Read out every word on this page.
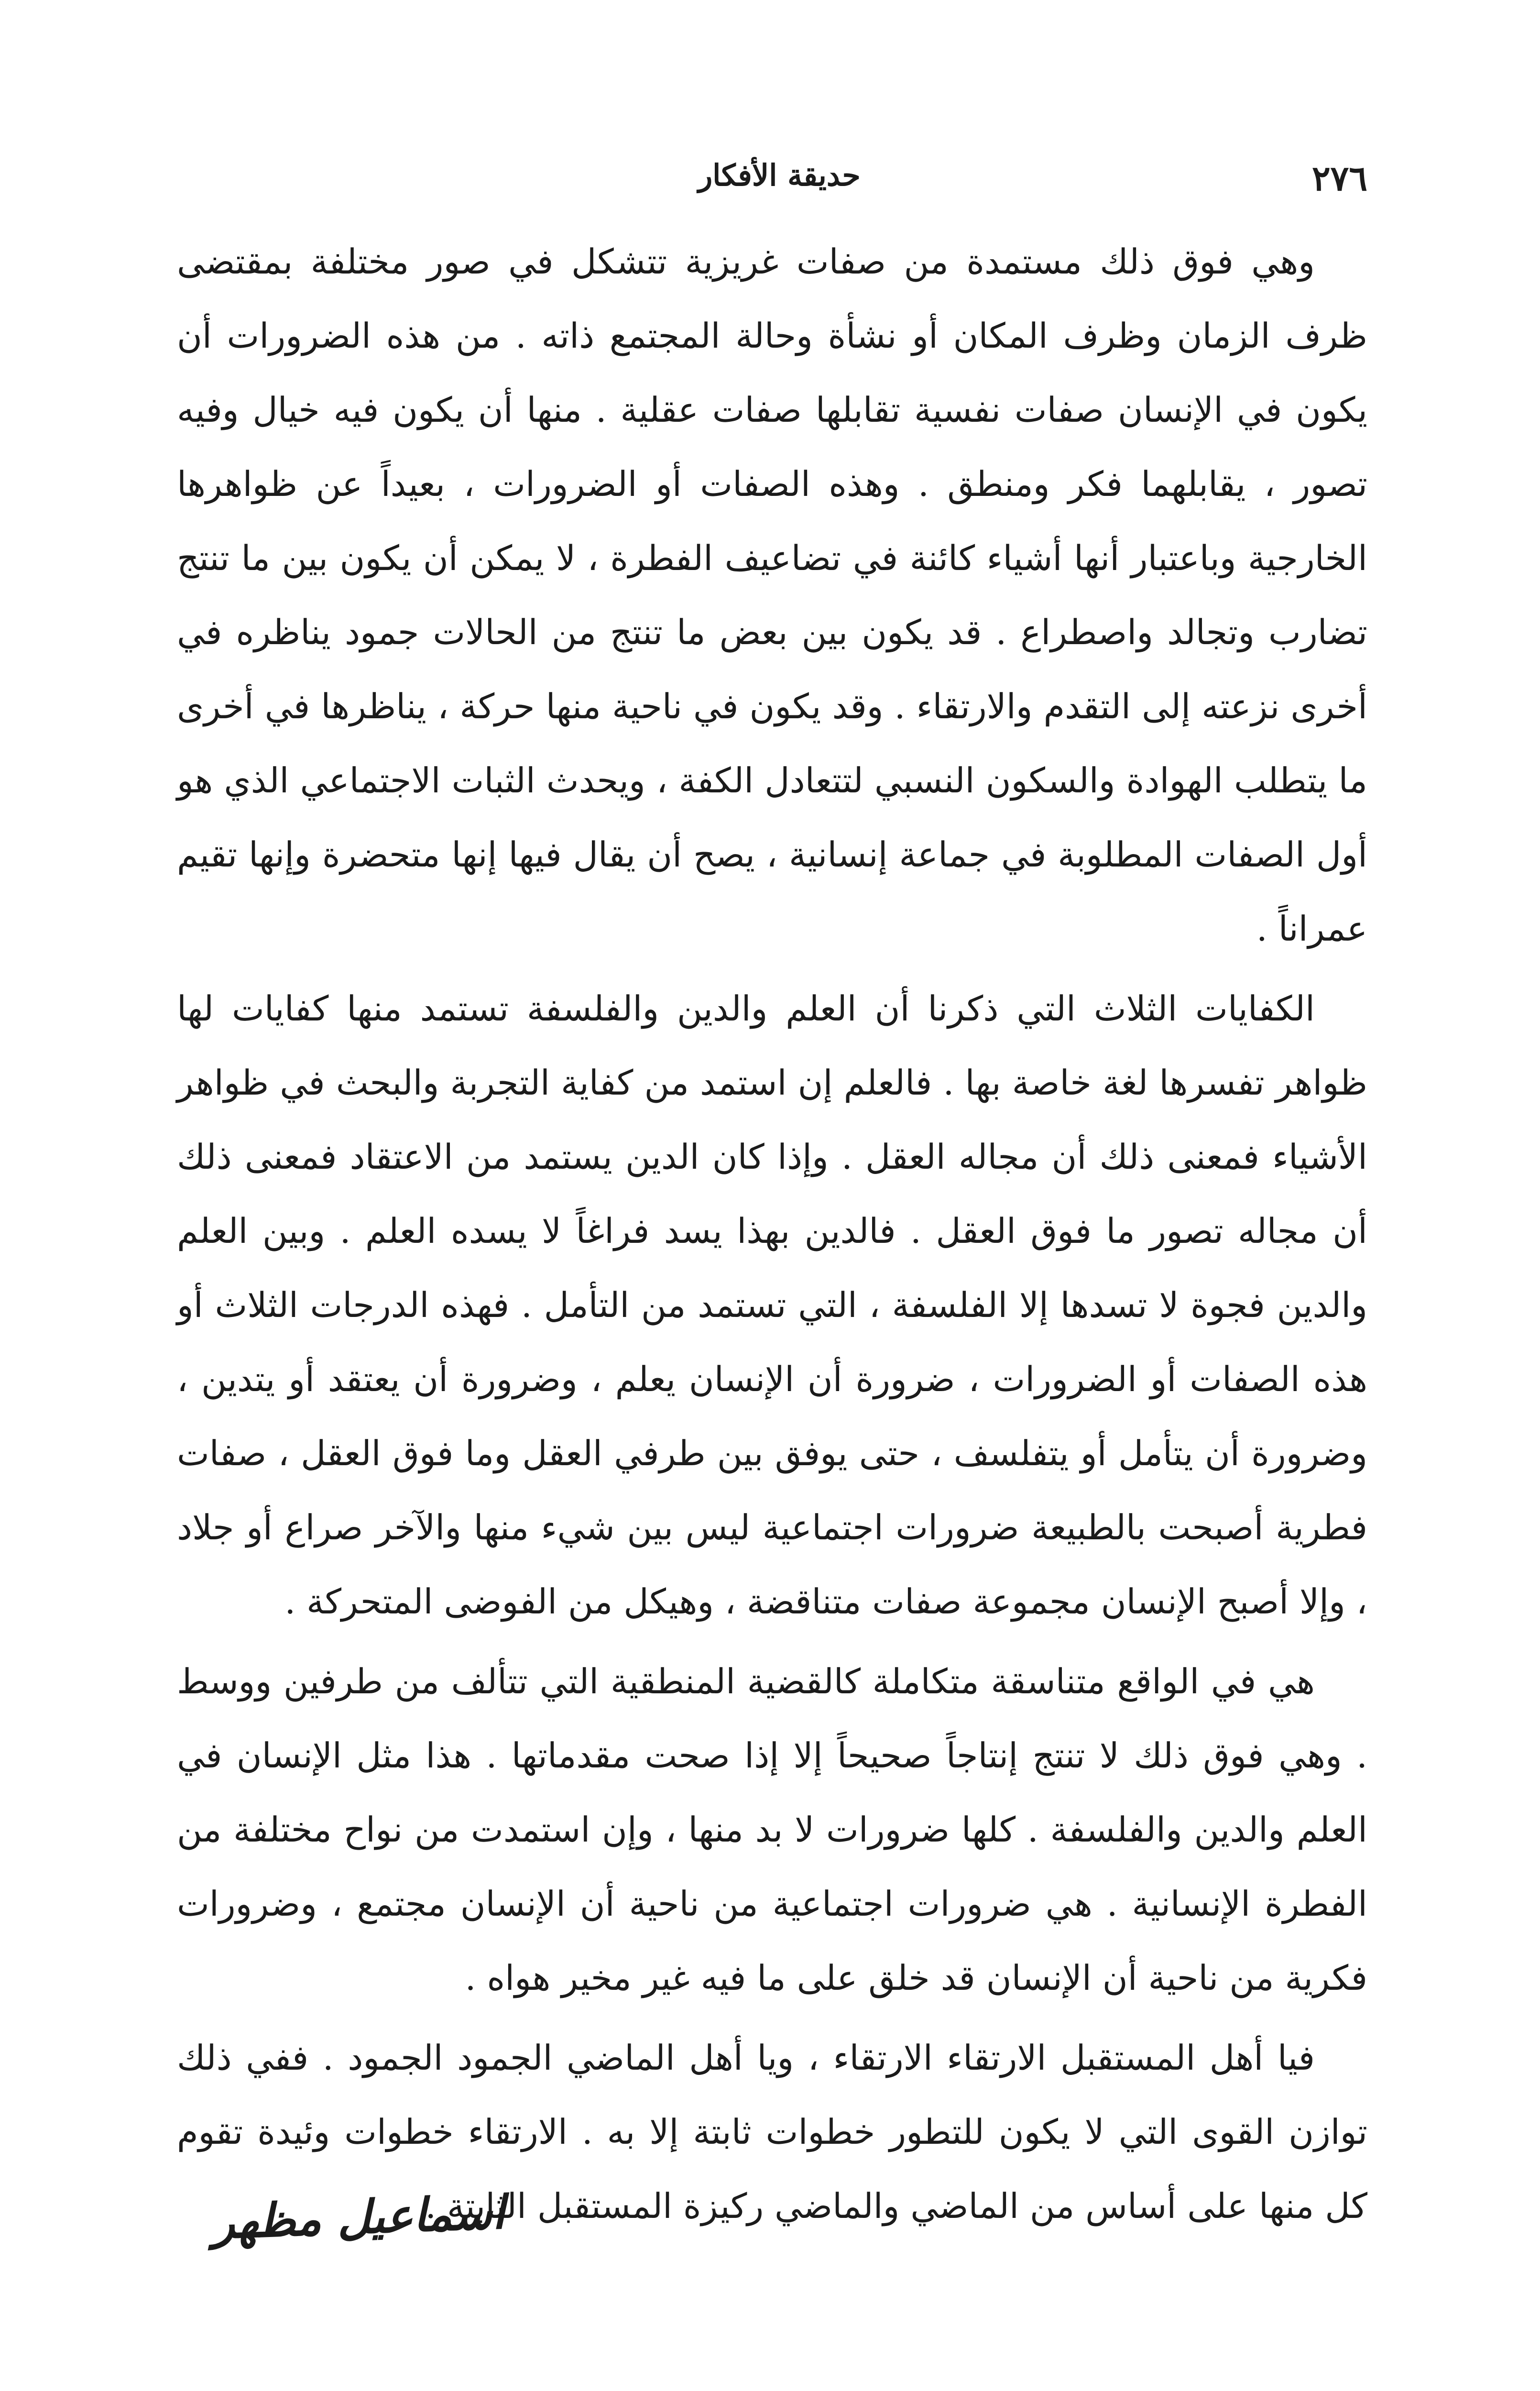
٢٧٦
حديقة الأفكار

وهي فوق ذلك مستمدة من صفات غريزية تتشكل في صور مختلفة بمقتضى ظرف الزمان وظرف المكان أو نشأة وحالة المجتمع ذاته . من هذه الضرورات أن يكون في الإنسان صفات نفسية تقابلها صفات عقلية . منها أن يكون فيه خيال وفيه تصور ، يقابلهما فكر ومنطق . وهذه الصفات أو الضرورات ، بعيداً عن ظواهرها الخارجية وباعتبار أنها أشياء كائنة في تضاعيف الفطرة ، لا يمكن أن يكون بين ما تنتج تضارب وتجالد واصطراع . قد يكون بين بعض ما تنتج من الحالات جمود يناظره في أخرى نزعته إلى التقدم والارتقاء . وقد يكون في ناحية منها حركة ، يناظرها في أخرى ما يتطلب الهوادة والسكون النسبي لتتعادل الكفة ، ويحدث الثبات الاجتماعي الذي هو أول الصفات المطلوبة في جماعة إنسانية ، يصح أن يقال فيها إنها متحضرة وإنها تقيم عمراناً .

الكفايات الثلاث التي ذكرنا أن العلم والدين والفلسفة تستمد منها كفايات لها ظواهر تفسرها لغة خاصة بها . فالعلم إن استمد من كفاية التجربة والبحث في ظواهر الأشياء فمعنى ذلك أن مجاله العقل . وإذا كان الدين يستمد من الاعتقاد فمعنى ذلك أن مجاله تصور ما فوق العقل . فالدين بهذا يسد فراغاً لا يسده العلم . وبين العلم والدين فجوة لا تسدها إلا الفلسفة ، التي تستمد من التأمل . فهذه الدرجات الثلاث أو هذه الصفات أو الضرورات ، ضرورة أن الإنسان يعلم ، وضرورة أن يعتقد أو يتدين ، وضرورة أن يتأمل أو يتفلسف ، حتى يوفق بين طرفي العقل وما فوق العقل ، صفات فطرية أصبحت بالطبيعة ضرورات اجتماعية ليس بين شيء منها والآخر صراع أو جلاد ، وإلا أصبح الإنسان مجموعة صفات متناقضة ، وهيكل من الفوضى المتحركة .

هي في الواقع متناسقة متكاملة كالقضية المنطقية التي تتألف من طرفين ووسط . وهي فوق ذلك لا تنتج إنتاجاً صحيحاً إلا إذا صحت مقدماتها . هذا مثل الإنسان في العلم والدين والفلسفة . كلها ضرورات لا بد منها ، وإن استمدت من نواح مختلفة من الفطرة الإنسانية . هي ضرورات اجتماعية من ناحية أن الإنسان مجتمع ، وضرورات فكرية من ناحية أن الإنسان قد خلق على ما فيه غير مخير هواه .

فيا أهل المستقبل الارتقاء الارتقاء ، ويا أهل الماضي الجمود الجمود . ففي ذلك توازن القوى التي لا يكون للتطور خطوات ثابتة إلا به . الارتقاء خطوات وئيدة تقوم كل منها على أساس من الماضي والماضي ركيزة المستقبل الثابتة .

اسماعيل مظهر
